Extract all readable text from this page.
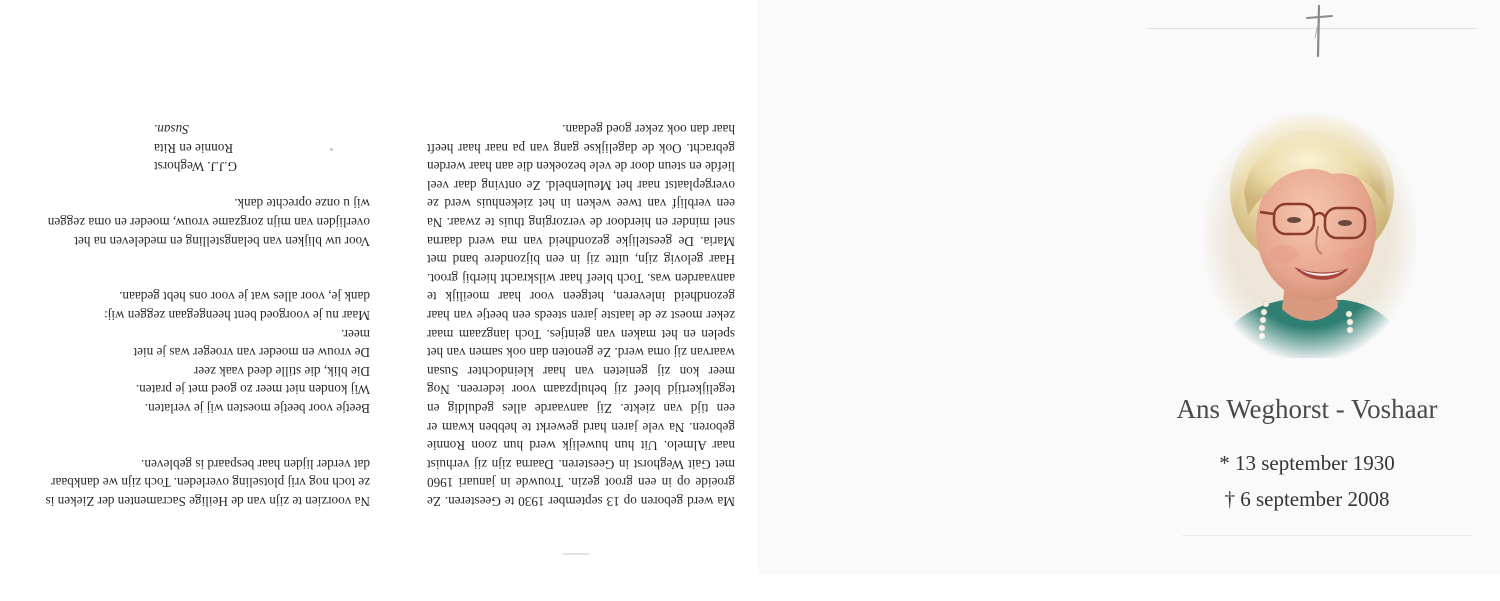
Na voorzien te zijn van de Heilige Sacramenten der Zieken is ze toch nog vrij plotseling overleden. Toch zijn we dankbaar dat verder lijden haar bespaard is gebleven.

Beetje voor beetje moesten wij je verlaten.
Wij konden niet meer zo goed met je praten.
Die blik, die stille deed vaak zeer
De vrouw en moeder van vroeger was je niet
meer.
Maar nu je voorgoed bent heengegaan zeggen wij:
dank je, voor alles wat je voor ons hebt gedaan.

Voor uw blijken van belangstelling en medeleven na het overlijden van mijn zorgzame vrouw, moeder en oma zeggen wij u onze oprechte dank.

G.J.J. Weghorst
Ronnie en Rita
Susan.

Ma werd geboren op 13 september 1930 te Geesteren. Ze groeide op in een groot gezin. Trouwde in januari 1960 met Gait Weghorst in Geesteren. Daarna zijn zij verhuist naar Almelo. Uit hun huwelijk werd hun zoon Ronnie geboren. Na vele jaren hard gewerkt te hebben kwam er een tijd van ziekte. Zij aanvaarde alles geduldig en tegelijkertijd bleef zij behulpzaam voor iedereen. Nog meer kon zij genieten van haar kleindochter Susan waarvan zij oma werd. Ze genoten dan ook samen van het spelen en het maken van geintjes. Toch langzaam maar zeker moest ze de laatste jaren steeds een beetje van haar gezondheid inleveren, hetgeen voor haar moeilijk te aanvaarden was. Toch bleef haar wilskracht hierbij groot. Haar gelovig zijn, uitte zij in een bijzondere band met Maria. De geestelijke gezondheid van ma werd daarna snel minder en hierdoor de verzorging thuis te zwaar. Na een verblijf van twee weken in het ziekenhuis werd ze overgeplaatst naar het Meulenbeld. Ze ontving daar veel liefde en steun door de vele bezoeken die aan haar werden gebracht. Ook de dagelijkse gang van pa naar haar heeft haar dan ook zeker goed gedaan.

Ans Weghorst - Voshaar
* 13 september 1930
† 6 september 2008
